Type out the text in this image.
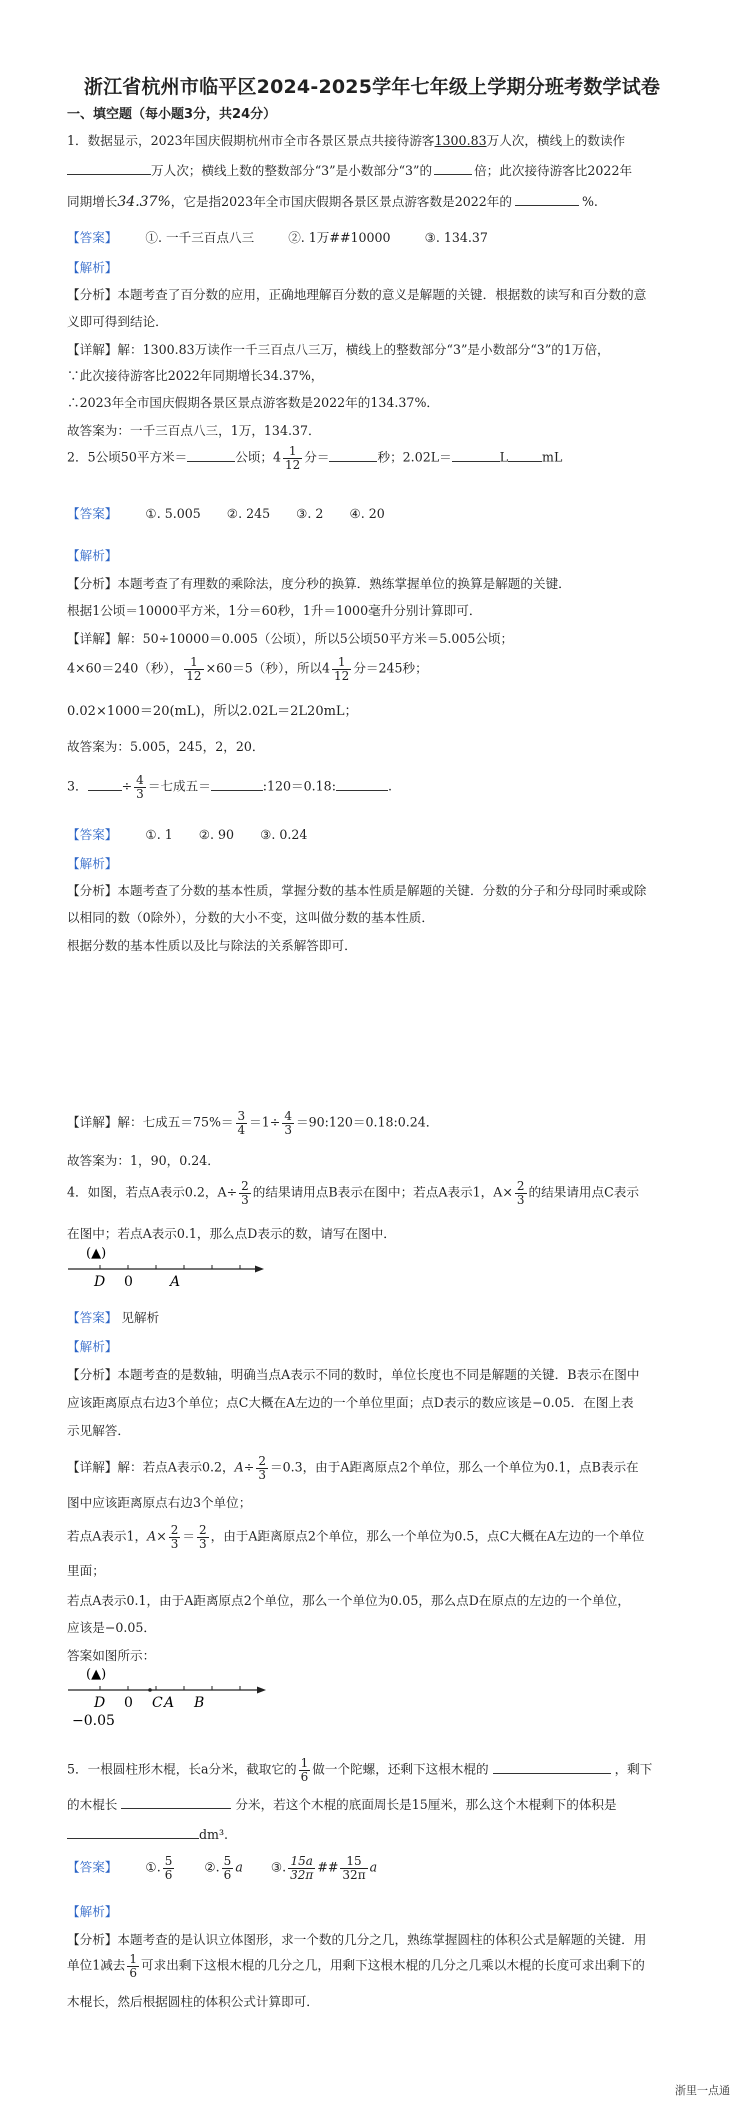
浙江省杭州市临平区2024-2025学年七年级上学期分班考数学试卷
一、填空题（每小题3分，共24分）
1．数据显示，2023年国庆假期杭州市全市各景区景点共接待游客1300.83万人次，横线上的数读作
万人次；横线上数的整数部分“3”是小数部分“3”的	倍；此次接待游客比2022年
同期增长34.37%，它是指2023年全市国庆假期各景区景点游客数是2022年的	%.
【答案】 ①. 一千三百点八三	②. 1万##10000	③. 134.37
【解析】
【分析】本题考查了百分数的应用，正确地理解百分数的意义是解题的关键．根据数的读写和百分数的意
义即可得到结论．
【详解】解：1300.83万读作一千三百点八三万，横线上的整数部分“3”是小数部分“3”的1万倍，
∵此次接待游客比2022年同期增长34.37%，
∴2023年全市国庆假期各景区景点游客数是2022年的134.37%．
故答案为：一千三百点八三，1万，134.37．
2．5公顷50平方米＝	公顷；$4 \frac{1}{12}$ 分＝	秒；2.02L＝	L	mL
【答案】 ①. 5.005 ②. 245 ③. 2 ④. 20
【解析】
【分析】本题考查了有理数的乘除法，度分秒的换算．熟练掌握单位的换算是解题的关键．
根据1公顷＝10000平方米，1分＝60秒，1升＝1000毫升分别计算即可．
【详解】解：50÷10000＝0.005（公顷），所以5公顷50平方米＝5.005公顷；
4×60＝240（秒）， $\frac{1}{12} \times 60=5$（秒），所以$4 \frac{1}{12}$ 分＝245秒；
0.02×1000＝20(mL)，所以2.02L＝2L20mL；
故答案为：5.005，245，2，20．
3．	÷ $\frac{4}{3}$ ＝七成五＝	:120＝0.18:	.
【答案】 ①. 1 ②. 90 ③. 0.24
【解析】
【分析】本题考查了分数的基本性质，掌握分数的基本性质是解题的关键．分数的分子和分母同时乘或除
以相同的数（0除外），分数的大小不变，这叫做分数的基本性质．
根据分数的基本性质以及比与除法的关系解答即可．
【详解】解：七成五$=75\%= \frac{3}{4} =1\div \frac{4}{3}$ ＝90:120＝0.18:0.24．
故答案为：1，90，0.24．
4．如图，若点A表示0.2，$A\div \frac{2}{3}$ 的结果请用点B表示在图中；若点A表示1，$A\times \frac{2}{3}$ 的结果请用点C表示
在图中；若点A表示0.1，那么点D表示的数，请写在图中．
(▲)
D 0	A
【答案】 见解析
【解析】
【分析】本题考查的是数轴，明确当点A表示不同的数时，单位长度也不同是解题的关键．B表示在图中
应该距离原点右边3个单位；点C大概在A左边的一个单位里面；点D表示的数应该是−0.05．在图上表
示见解答．
【详解】解：若点A表示0.2，$A\div \frac{2}{3} =0.3$，由于A距离原点2个单位，那么一个单位为0.1，点B表示在
图中应该距离原点右边3个单位；
若点A表示1，$A\times \frac{2}{3} = \frac{2}{3}$ ，由于A距离原点2个单位，那么一个单位为0.5，点C大概在A左边的一个单位
里面；
若点A表示0.1，由于A距离原点2个单位，那么一个单位为0.05，那么点D在原点的左边的一个单位，
应该是−0.05．
答案如图所示：
(▲)
D 0 C A B
−0.05
5．一根圆柱形木棍，长a分米，截取它的 $\frac{1}{6}$ 做一个陀螺，还剩下这根木棍的	，剩下
的木棍长	分米，若这个木棍的底面周长是15厘米，那么这个木棍剩下的体积是
dm³.
【答案】 ①. $\frac{5}{6}$ ②. $\frac{5}{6}$ a ③. $\frac{15a}{32\pi}$ ## $\frac{15}{32\pi}$ a
【解析】
【分析】本题考查的是认识立体图形，求一个数的几分之几，熟练掌握圆柱的体积公式是解题的关键．用
单位1减去 $\frac{1}{6}$ 可求出剩下这根木棍的几分之几，用剩下这根木棍的几分之几乘以木棍的长度可求出剩下的
木棍长，然后根据圆柱的体积公式计算即可．
浙里一点通
